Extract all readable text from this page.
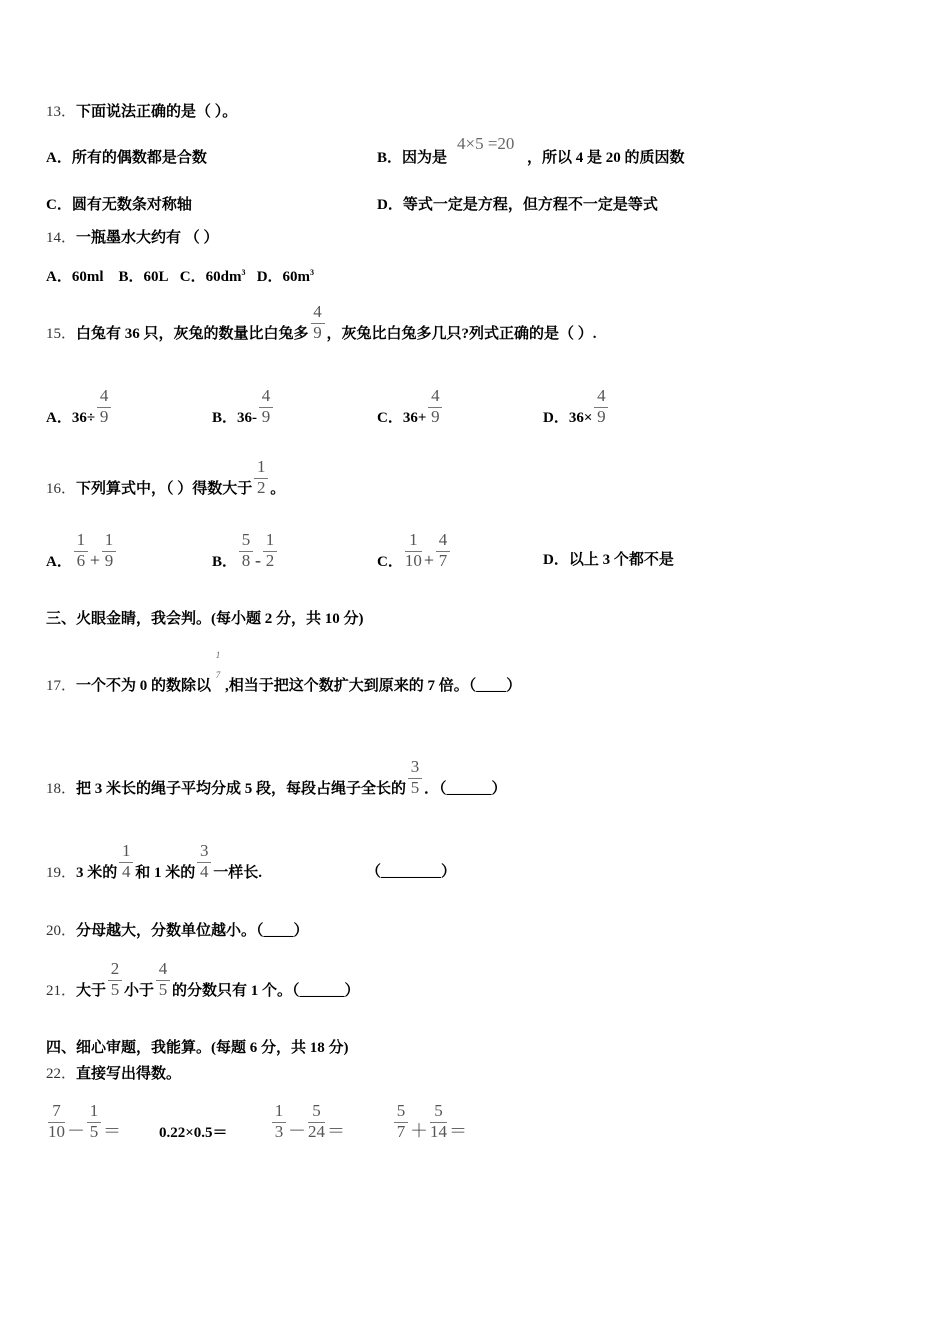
13．下面说法正确的是（ ）。
A．所有的偶数都是合数	B．因为是	，所以 4 是 20 的质因数
4×5 =20
C．圆有无数条对称轴	D．等式一定是方程，但方程不一定是等式
14．一瓶墨水大约有 （ ）
A．60ml B．60L C．$60dm^3$ D．$60m^3$
15．白兔有 36 只，灰兔的数量比白兔多 $\frac{4}{9}$ ，灰兔比白兔多几只?列式正确的是（ ）.
A．$36\div \frac{4}{9}$	B．$36- \frac{4}{9}$	C．$36+ \frac{4}{9}$	D．$36\times \frac{4}{9}$
16．下列算式中，（ ）得数大于 $\frac{1}{2}$ 。
A． $\frac{1}{6} + \frac{1}{9}$	B． $\frac{5}{8} - \frac{1}{2}$	C． $\frac{1}{10} + \frac{4}{7}$	D．以上 3 个都不是
三、火眼金睛，我会判。(每小题 2 分，共 10 分)
17．一个不为 0 的数除以
1
7
,相当于把这个数扩大到原来的 7 倍。（____）
18．把 3 米长的绳子平均分成 5 段，每段占绳子全长的 $\frac{3}{5}$ ．（______）
19．3 米的 $\frac{1}{4}$ 和 1 米的 $\frac{3}{4}$ 一样长.	（________）
20．分母越大，分数单位越小。（____）
21．大于 $\frac{2}{5}$ 小于 $\frac{4}{5}$ 的分数只有 1 个。（______）
四、细心审题，我能算。(每题 6 分，共 18 分)
22．直接写出得数。
$\frac{7}{10} - \frac{1}{5}$ ＝	0.22×0.5＝	$\frac{1}{3} - \frac{5}{24}$ ＝	$\frac{5}{7} + \frac{5}{14}$ ＝
